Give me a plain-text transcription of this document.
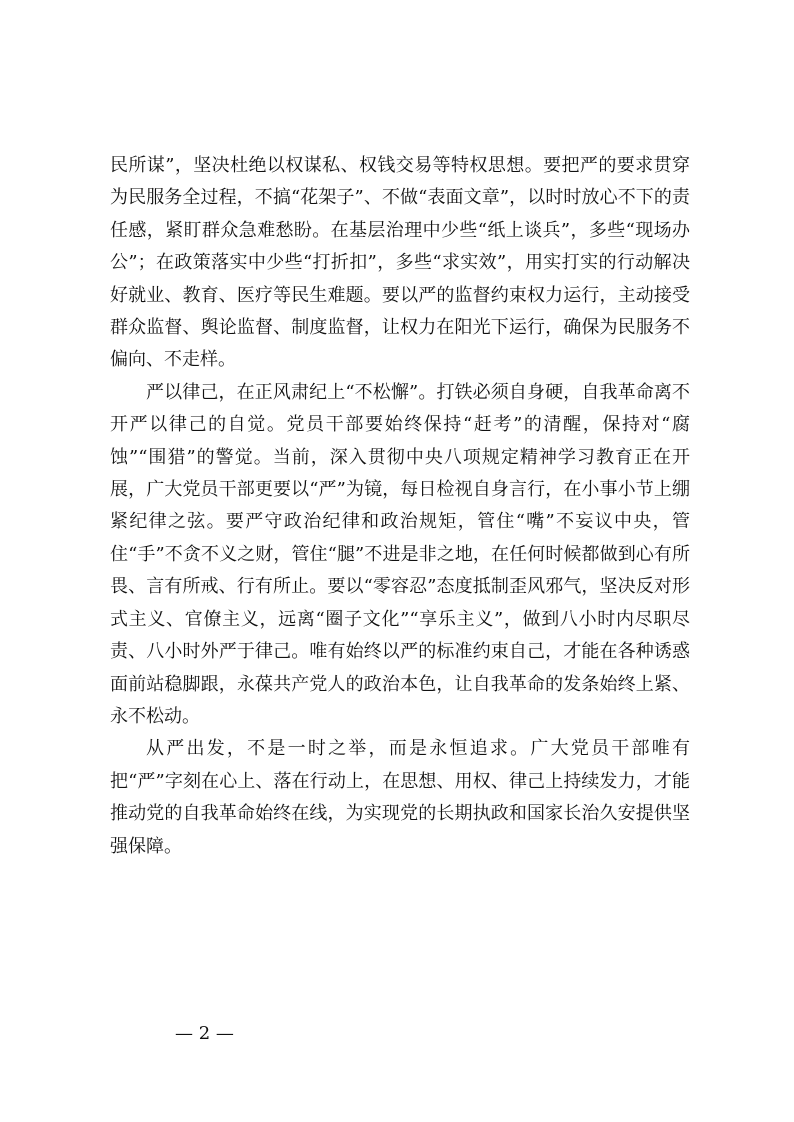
民所谋”，坚决杜绝以权谋私、权钱交易等特权思想。要把严的要求贯穿为民服务全过程，不搞“花架子”、不做“表面文章”，以时时放心不下的责任感，紧盯群众急难愁盼。在基层治理中少些“纸上谈兵”，多些“现场办公”；在政策落实中少些“打折扣”，多些“求实效”，用实打实的行动解决好就业、教育、医疗等民生难题。要以严的监督约束权力运行，主动接受群众监督、舆论监督、制度监督，让权力在阳光下运行，确保为民服务不偏向、不走样。

严以律己，在正风肃纪上“不松懈”。打铁必须自身硬，自我革命离不开严以律己的自觉。党员干部要始终保持“赶考”的清醒，保持对“腐蚀”“围猎”的警觉。当前，深入贯彻中央八项规定精神学习教育正在开展，广大党员干部更要以“严”为镜，每日检视自身言行，在小事小节上绷紧纪律之弦。要严守政治纪律和政治规矩，管住“嘴”不妄议中央，管住“手”不贪不义之财，管住“腿”不进是非之地，在任何时候都做到心有所畏、言有所戒、行有所止。要以“零容忍”态度抵制歪风邪气，坚决反对形式主义、官僚主义，远离“圈子文化”“享乐主义”，做到八小时内尽职尽责、八小时外严于律己。唯有始终以严的标准约束自己，才能在各种诱惑面前站稳脚跟，永葆共产党人的政治本色，让自我革命的发条始终上紧、永不松动。

从严出发，不是一时之举，而是永恒追求。广大党员干部唯有把“严”字刻在心上、落在行动上，在思想、用权、律己上持续发力，才能推动党的自我革命始终在线，为实现党的长期执政和国家长治久安提供坚强保障。

— 2 —
